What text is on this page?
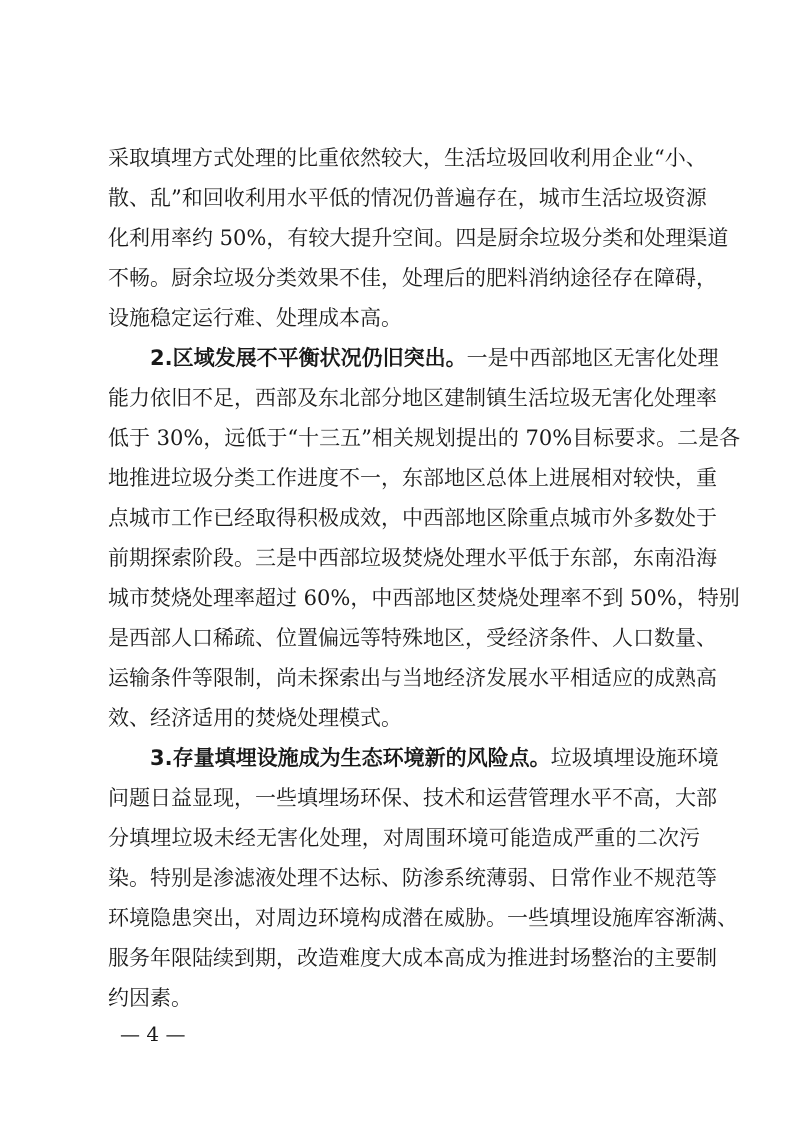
采取填埋方式处理的比重依然较大，生活垃圾回收利用企业“小、
散、乱”和回收利用水平低的情况仍普遍存在，城市生活垃圾资源
化利用率约 50%，有较大提升空间。四是厨余垃圾分类和处理渠道
不畅。厨余垃圾分类效果不佳，处理后的肥料消纳途径存在障碍，
设施稳定运行难、处理成本高。
2.区域发展不平衡状况仍旧突出。一是中西部地区无害化处理
能力依旧不足，西部及东北部分地区建制镇生活垃圾无害化处理率
低于 30%，远低于“十三五”相关规划提出的 70%目标要求。二是各
地推进垃圾分类工作进度不一，东部地区总体上进展相对较快，重
点城市工作已经取得积极成效，中西部地区除重点城市外多数处于
前期探索阶段。三是中西部垃圾焚烧处理水平低于东部，东南沿海
城市焚烧处理率超过 60%，中西部地区焚烧处理率不到 50%，特别
是西部人口稀疏、位置偏远等特殊地区，受经济条件、人口数量、
运输条件等限制，尚未探索出与当地经济发展水平相适应的成熟高
效、经济适用的焚烧处理模式。
3.存量填埋设施成为生态环境新的风险点。垃圾填埋设施环境
问题日益显现，一些填埋场环保、技术和运营管理水平不高，大部
分填埋垃圾未经无害化处理，对周围环境可能造成严重的二次污
染。特别是渗滤液处理不达标、防渗系统薄弱、日常作业不规范等
环境隐患突出，对周边环境构成潜在威胁。一些填埋设施库容渐满、
服务年限陆续到期，改造难度大成本高成为推进封场整治的主要制
约因素。
— 4 —
